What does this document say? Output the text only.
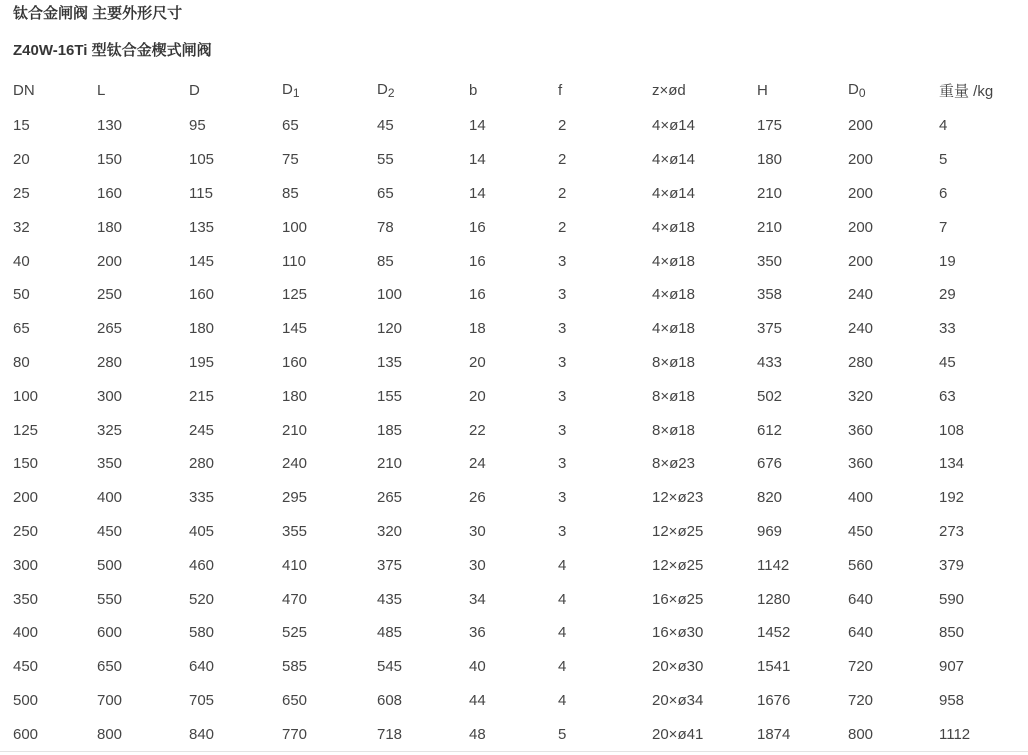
钛合金闸阀 主要外形尺寸
Z40W-16Ti 型钛合金楔式闸阀
DN	L	D	$D_1$	$D_2$	b	f	z×ød	H	$D_0$	重量 /kg
15	130	95	65	45	14	2	4×ø14	175	200	4
20	150	105	75	55	14	2	4×ø14	180	200	5
25	160	115	85	65	14	2	4×ø14	210	200	6
32	180	135	100	78	16	2	4×ø18	210	200	7
40	200	145	110	85	16	3	4×ø18	350	200	19
50	250	160	125	100	16	3	4×ø18	358	240	29
65	265	180	145	120	18	3	4×ø18	375	240	33
80	280	195	160	135	20	3	8×ø18	433	280	45
100	300	215	180	155	20	3	8×ø18	502	320	63
125	325	245	210	185	22	3	8×ø18	612	360	108
150	350	280	240	210	24	3	8×ø23	676	360	134
200	400	335	295	265	26	3	12×ø23	820	400	192
250	450	405	355	320	30	3	12×ø25	969	450	273
300	500	460	410	375	30	4	12×ø25	1142	560	379
350	550	520	470	435	34	4	16×ø25	1280	640	590
400	600	580	525	485	36	4	16×ø30	1452	640	850
450	650	640	585	545	40	4	20×ø30	1541	720	907
500	700	705	650	608	44	4	20×ø34	1676	720	958
600	800	840	770	718	48	5	20×ø41	1874	800	1112
